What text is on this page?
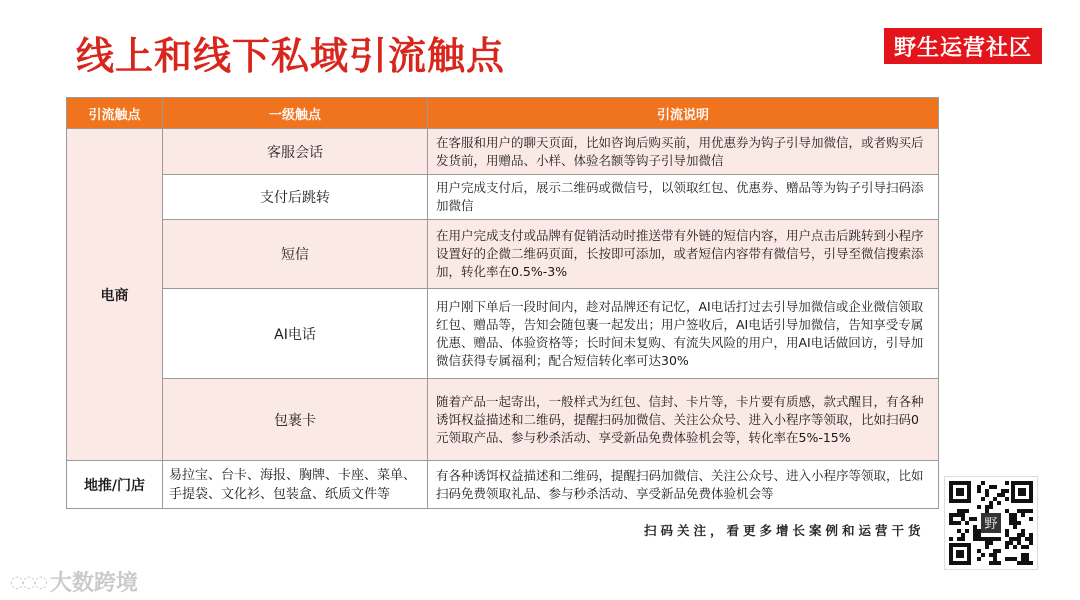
线上和线下私域引流触点	野生运营社区
引流触点	一级触点	引流说明
电商	客服会话	在客服和用户的聊天页面，比如咨询后购买前，用优惠券为钩子引导加微信，或者购买后发货前，用赠品、小样、体验名额等钩子引导加微信
	支付后跳转	用户完成支付后，展示二维码或微信号，以领取红包、优惠券、赠品等为钩子引导扫码添加微信
	短信	在用户完成支付或品牌有促销活动时推送带有外链的短信内容，用户点击后跳转到小程序设置好的企微二维码页面，长按即可添加，或者短信内容带有微信号，引导至微信搜索添加，转化率在0.5%-3%
	AI电话	用户刚下单后一段时间内，趁对品牌还有记忆，AI电话打过去引导加微信或企业微信领取红包、赠品等，告知会随包裹一起发出；用户签收后，AI电话引导加微信，告知享受专属优惠、赠品、体验资格等；长时间未复购、有流失风险的用户，用AI电话做回访，引导加微信获得专属福利；配合短信转化率可达30%
	包裹卡	随着产品一起寄出，一般样式为红包、信封、卡片等，卡片要有质感，款式醒目，有各种诱饵权益描述和二维码，提醒扫码加微信、关注公众号、进入小程序等领取，比如扫码0元领取产品、参与秒杀活动、享受新品免费体验机会等，转化率在5%-15%
地推/门店	易拉宝、台卡、海报、胸牌、卡座、菜单、手提袋、文化衫、包装盒、纸质文件等	有各种诱饵权益描述和二维码，提醒扫码加微信、关注公众号、进入小程序等领取，比如扫码免费领取礼品、参与秒杀活动、享受新品免费体验机会等
扫码关注，看更多增长案例和运营干货	野
◌◌◌ 大数跨境
